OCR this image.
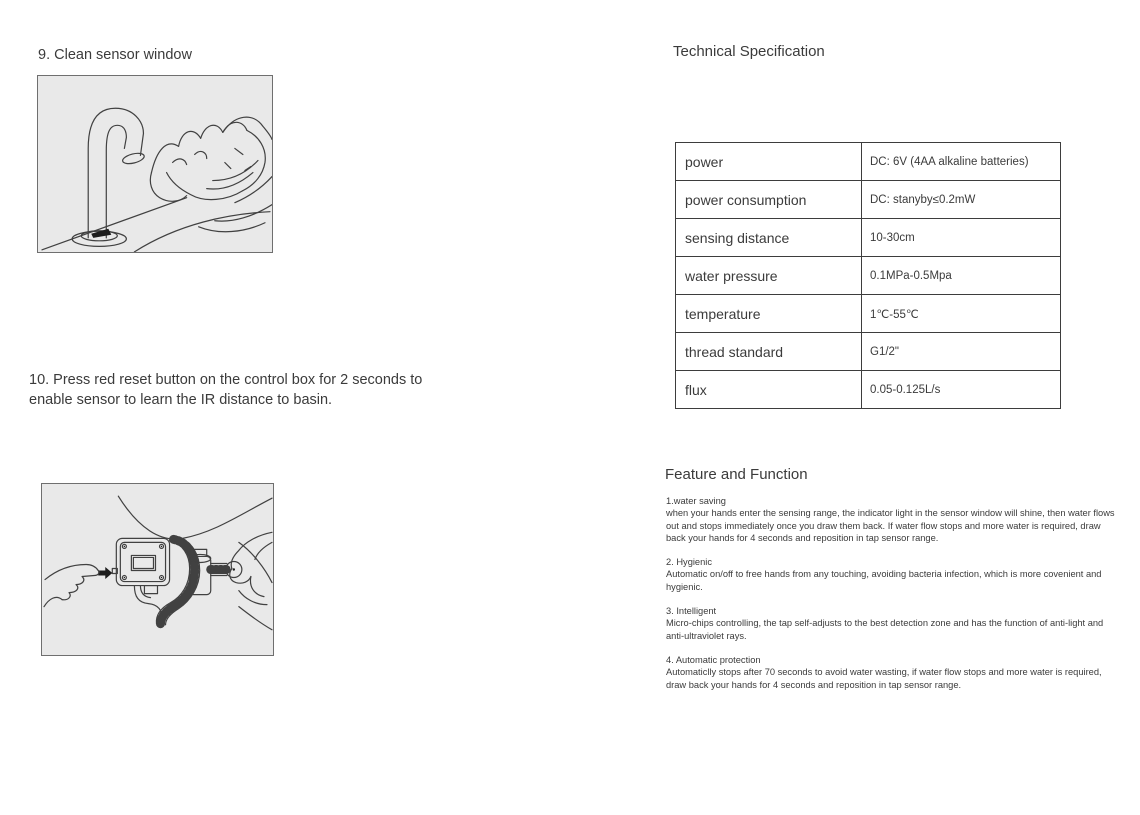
9. Clean sensor window

10. Press red reset button on the control box for 2 seconds to enable sensor to learn the IR distance to basin.

Technical Specification
power	DC: 6V (4AA alkaline batteries)
power consumption	DC: stanyby≤0.2mW
sensing distance	10-30cm
water pressure	0.1MPa-0.5Mpa
temperature	1℃-55℃
thread standard	G1/2"
flux	0.05-0.125L/s
Feature and Function
1.water saving
when your hands enter the sensing range, the indicator light in the sensor window will shine, then water flows out and stops immediately once you draw them back. If water flow stops and more water is required, draw back your hands for 4 seconds and reposition in tap sensor range.
2. Hygienic
Automatic on/off to free hands from any touching, avoiding bacteria infection, which is more covenient and hygienic.
3. Intelligent
Micro-chips controlling, the tap self-adjusts to the best detection zone and has the function of anti-light and anti-ultraviolet rays.
4. Automatic protection
Automaticlly stops after 70 seconds to avoid water wasting, if water flow stops and more water is required, draw back your hands for 4 seconds and reposition in tap sensor range.
